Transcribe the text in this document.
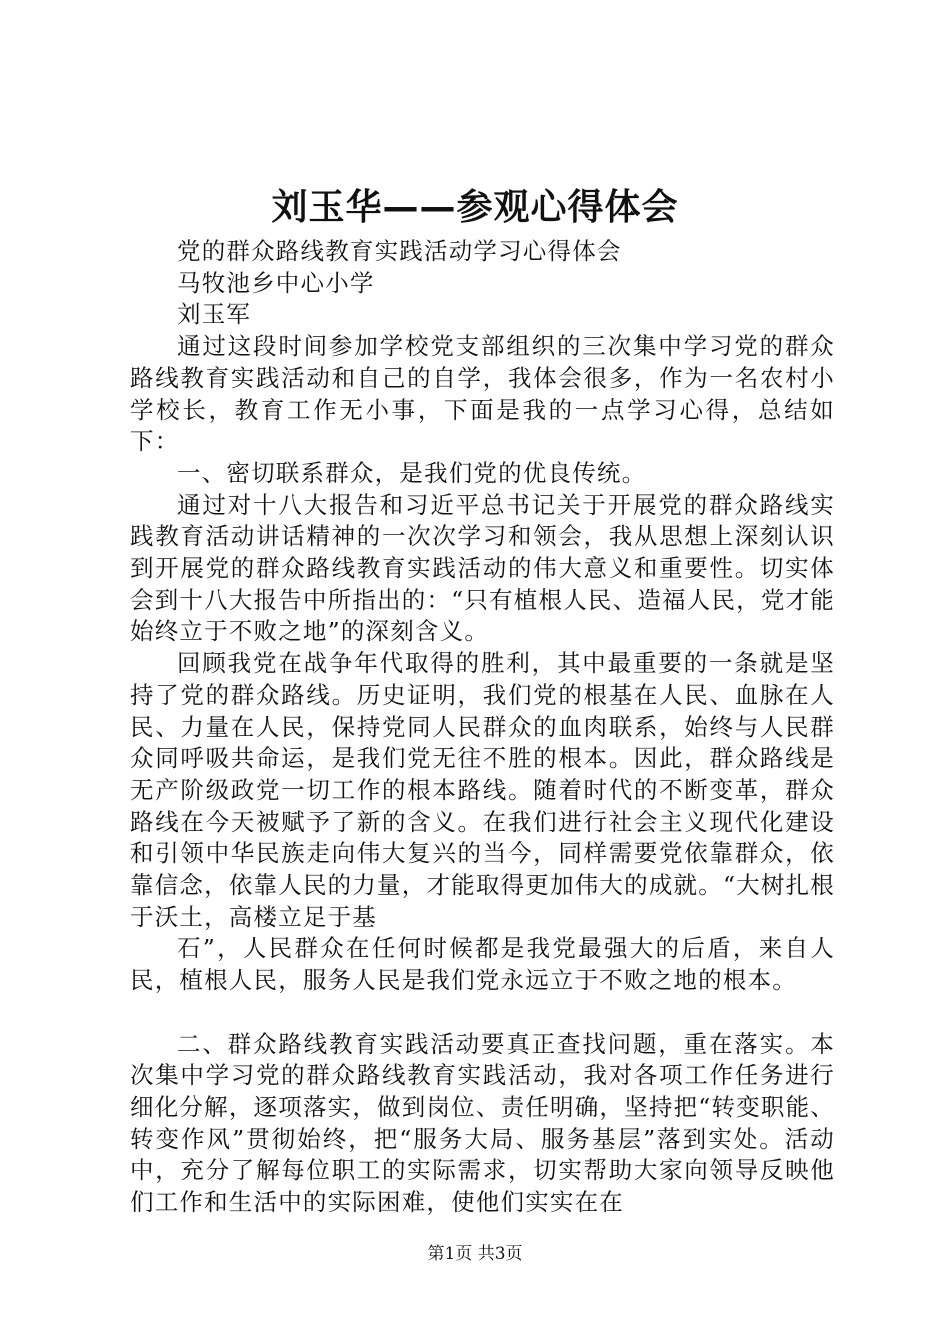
刘玉华——参观心得体会

党的群众路线教育实践活动学习心得体会

马牧池乡中心小学

刘玉军

通过这段时间参加学校党支部组织的三次集中学习党的群众路线教育实践活动和自己的自学，我体会很多，作为一名农村小学校长，教育工作无小事，下面是我的一点学习心得，总结如下：

一、密切联系群众，是我们党的优良传统。

通过对十八大报告和习近平总书记关于开展党的群众路线实践教育活动讲话精神的一次次学习和领会，我从思想上深刻认识到开展党的群众路线教育实践活动的伟大意义和重要性。切实体会到十八大报告中所指出的：“只有植根人民、造福人民，党才能始终立于不败之地”的深刻含义。

回顾我党在战争年代取得的胜利，其中最重要的一条就是坚持了党的群众路线。历史证明，我们党的根基在人民、血脉在人民、力量在人民，保持党同人民群众的血肉联系，始终与人民群众同呼吸共命运，是我们党无往不胜的根本。因此，群众路线是无产阶级政党一切工作的根本路线。随着时代的不断变革，群众路线在今天被赋予了新的含义。在我们进行社会主义现代化建设和引领中华民族走向伟大复兴的当今，同样需要党依靠群众，依靠信念，依靠人民的力量，才能取得更加伟大的成就。“大树扎根于沃土，高楼立足于基

石”，人民群众在任何时候都是我党最强大的后盾，来自人民，植根人民，服务人民是我们党永远立于不败之地的根本。

二、群众路线教育实践活动要真正查找问题，重在落实。本次集中学习党的群众路线教育实践活动，我对各项工作任务进行细化分解，逐项落实，做到岗位、责任明确，坚持把“转变职能、转变作风”贯彻始终，把“服务大局、服务基层”落到实处。活动中，充分了解每位职工的实际需求，切实帮助大家向领导反映他们工作和生活中的实际困难，使他们实实在在

第1页 共3页
